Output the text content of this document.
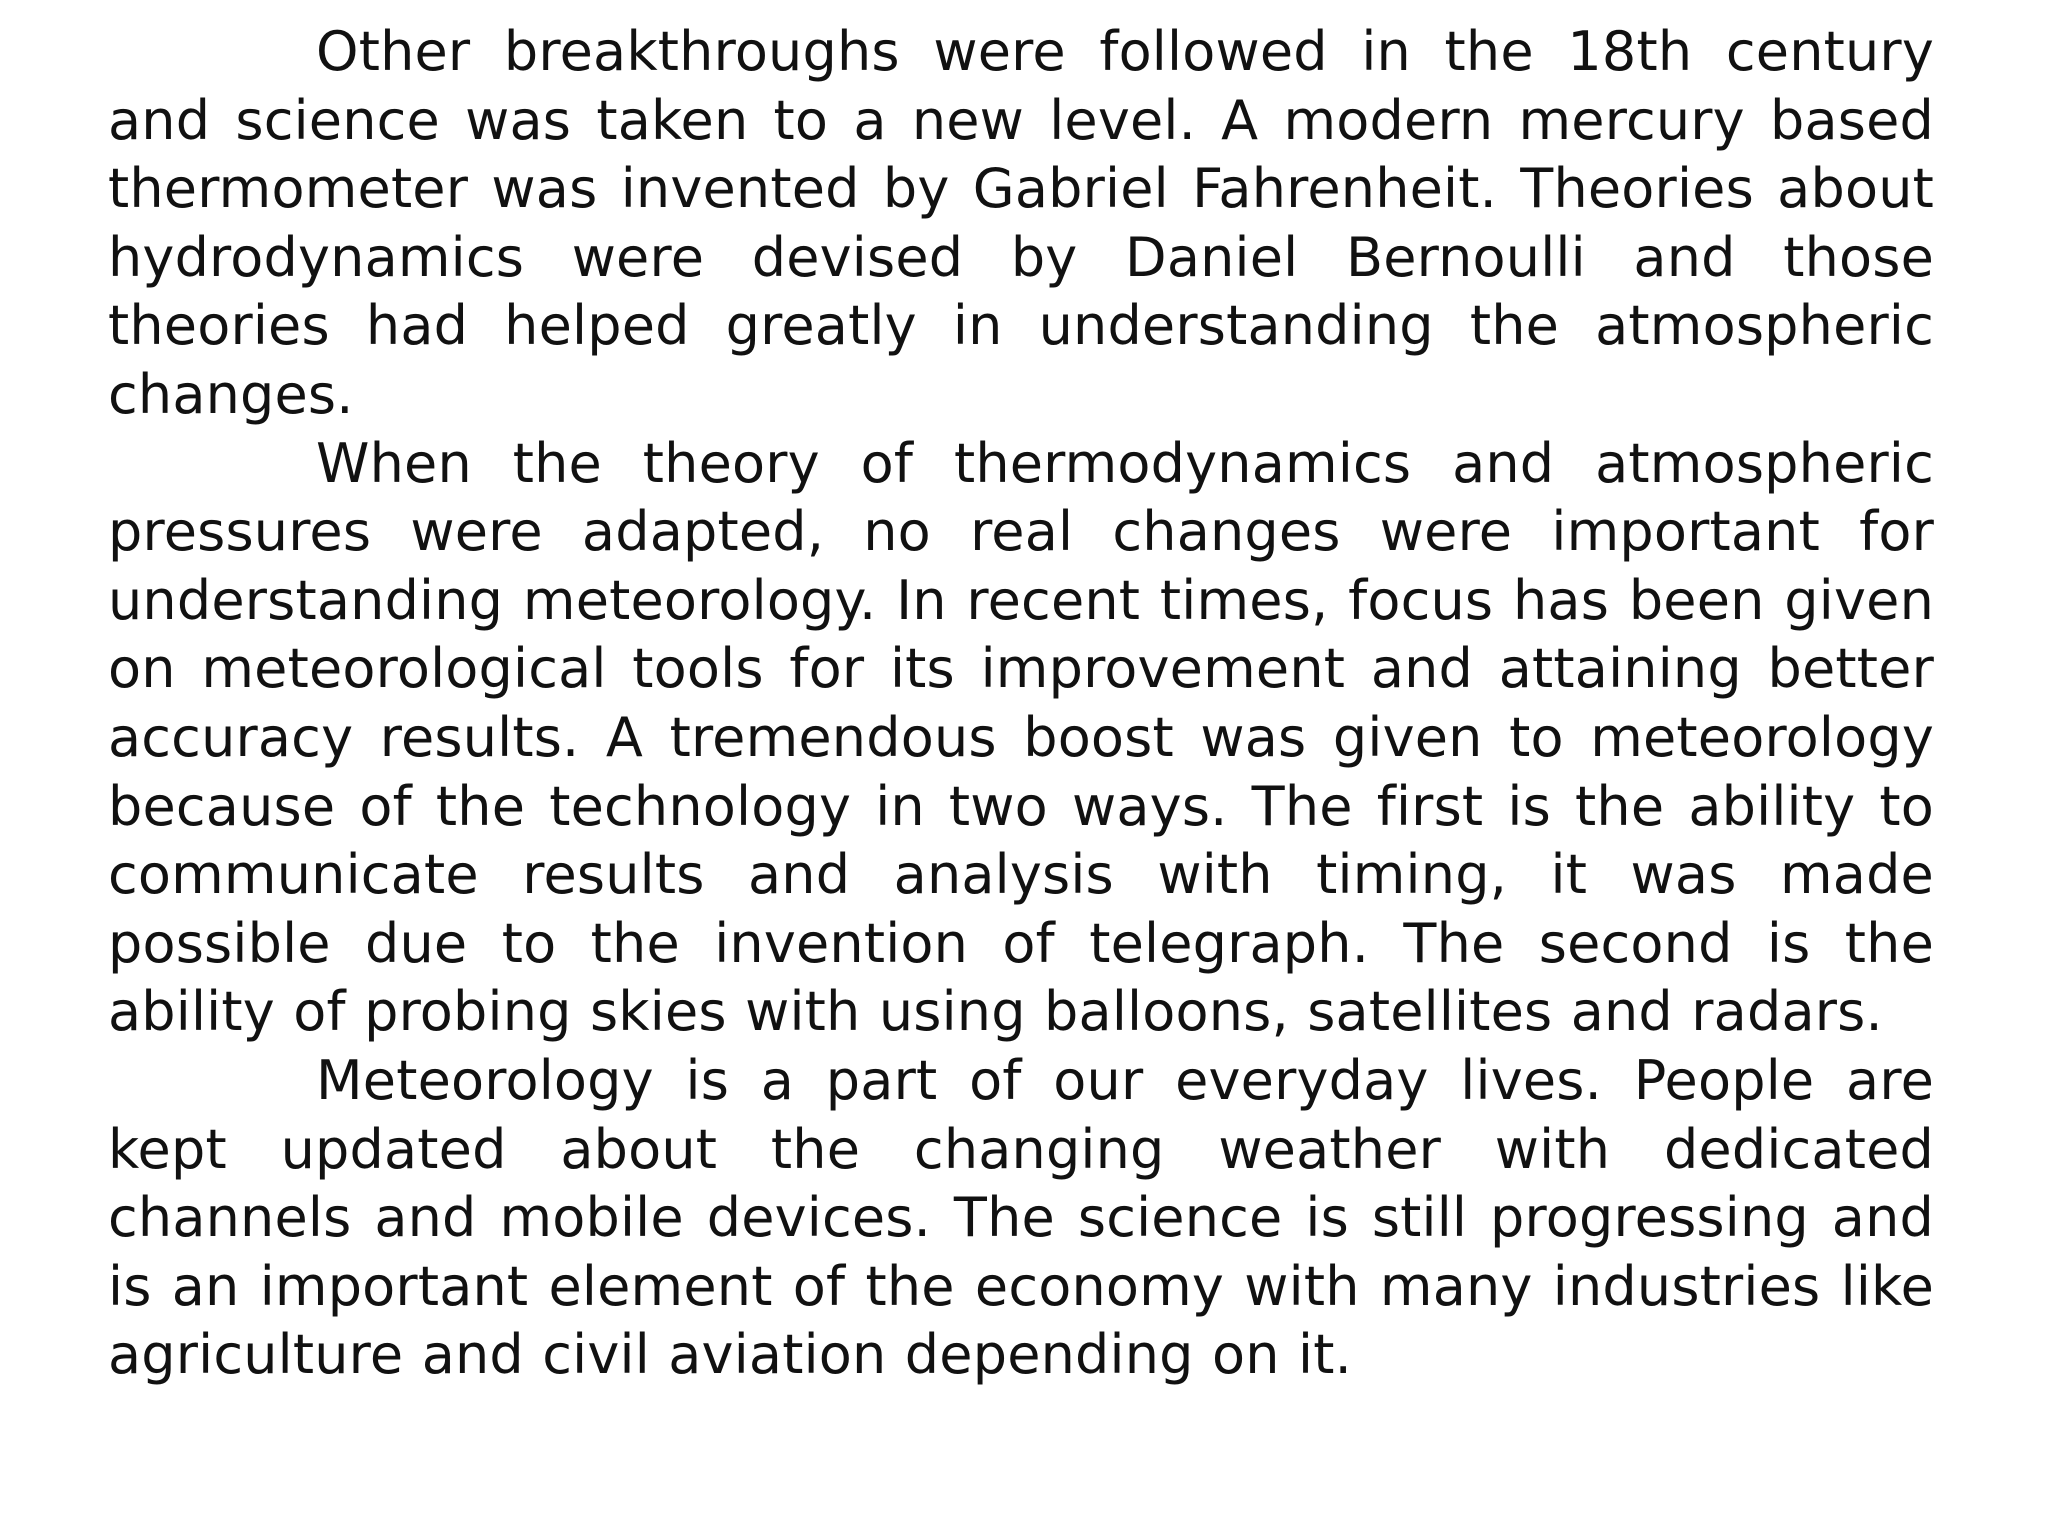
Other breakthroughs were followed in the 18th century and science was taken to a new level. A modern mercury based thermometer was invented by Gabriel Fahrenheit. Theories about hydrodynamics were devised by Daniel Bernoulli and those theories had helped greatly in understanding the atmospheric changes.

When the theory of thermodynamics and atmospheric pressures were adapted, no real changes were important for understanding meteorology. In recent times, focus has been given on meteorological tools for its improvement and attaining better accuracy results. A tremendous boost was given to meteorology because of the technology in two ways. The first is the ability to communicate results and analysis with timing, it was made possible due to the invention of telegraph. The second is the ability of probing skies with using balloons, satellites and radars.

Meteorology is a part of our everyday lives. People are kept updated about the changing weather with dedicated channels and mobile devices. The science is still progressing and is an important element of the economy with many industries like agriculture and civil aviation depending on it.
